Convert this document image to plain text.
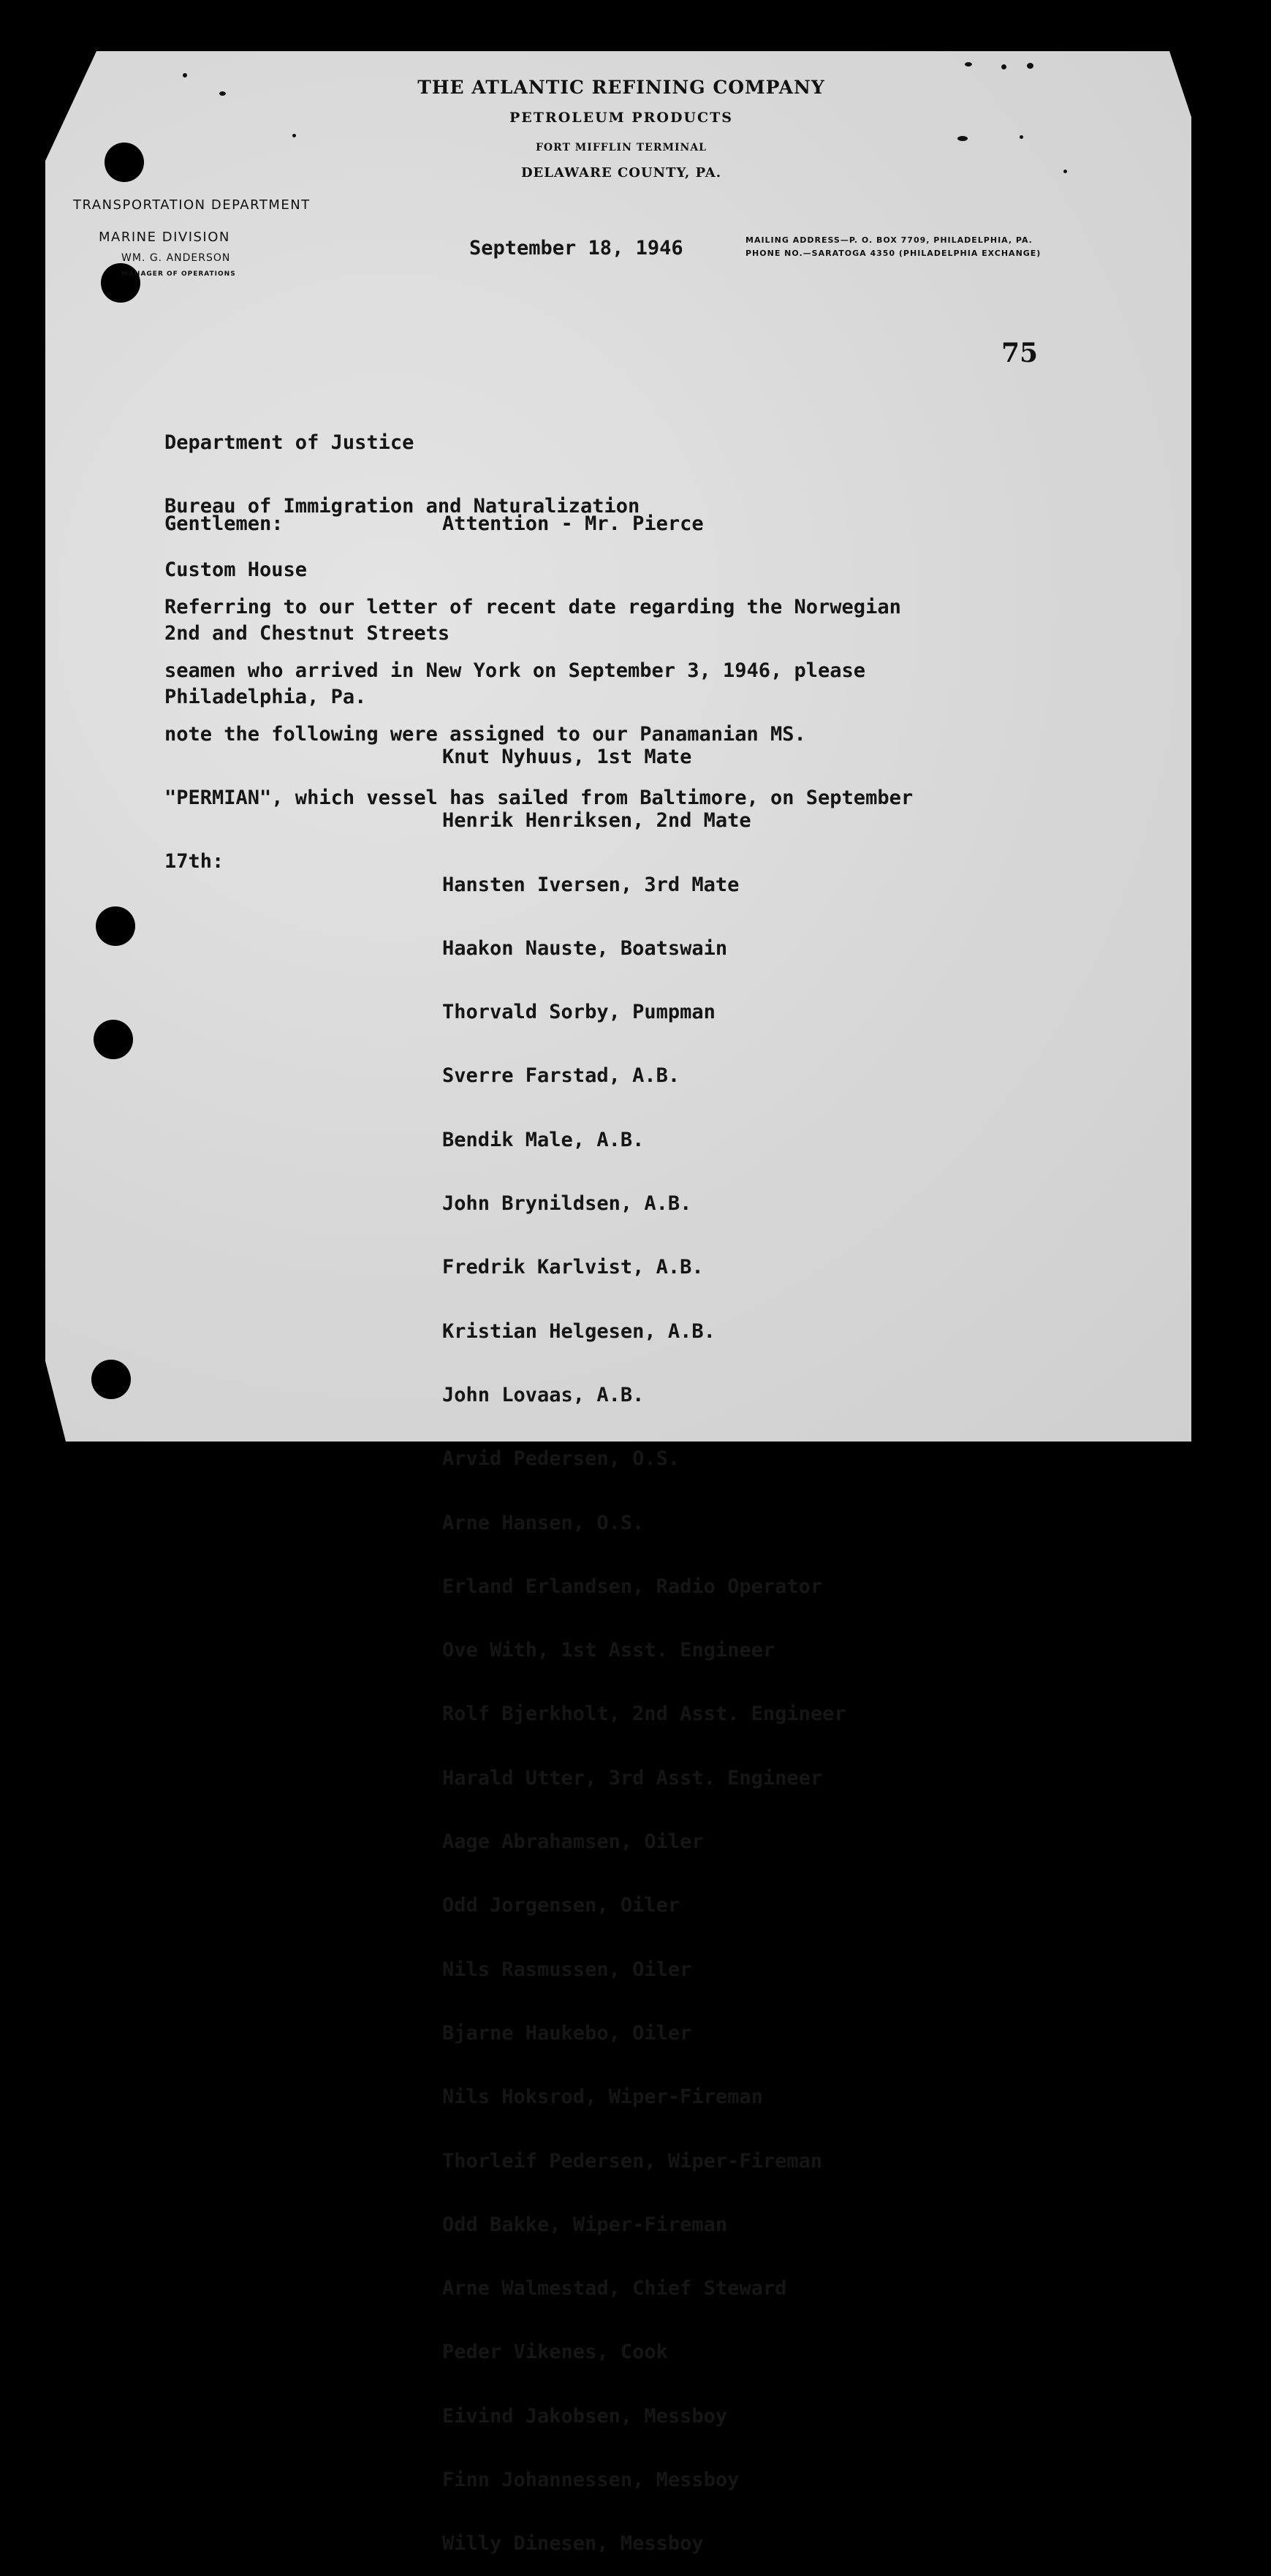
THE ATLANTIC REFINING COMPANY
PETROLEUM PRODUCTS
FORT MIFFLIN TERMINAL
DELAWARE COUNTY, PA.
TRANSPORTATION DEPARTMENT
MARINE DIVISION
WM. G. ANDERSON
MANAGER OF OPERATIONS
MAILING ADDRESS—P. O. BOX 7709, PHILADELPHIA, PA.
PHONE NO.—SARATOGA 4350 (PHILADELPHIA EXCHANGE)
September 18, 1946
75

Department of Justice

Bureau of Immigration and Naturalization

Custom House

2nd and Chestnut Streets

Philadelphia, Pa.

Gentlemen:	Attention - Mr. Pierce

Referring to our letter of recent date regarding the Norwegian

seamen who arrived in New York on September 3, 1946, please

note the following were assigned to our Panamanian MS.

"PERMIAN", which vessel has sailed from Baltimore, on September

17th:

Knut Nyhuus, 1st Mate

Henrik Henriksen, 2nd Mate

Hansten Iversen, 3rd Mate

Haakon Nauste, Boatswain

Thorvald Sorby, Pumpman

Sverre Farstad, A.B.

Bendik Male, A.B.

John Brynildsen, A.B.

Fredrik Karlvist, A.B.

Kristian Helgesen, A.B.

John Lovaas, A.B.

Arvid Pedersen, O.S.

Arne Hansen, O.S.

Erland Erlandsen, Radio Operator

Ove With, 1st Asst. Engineer

Rolf Bjerkholt, 2nd Asst. Engineer

Harald Utter, 3rd Asst. Engineer

Aage Abrahamsen, Oiler

Odd Jorgensen, Oiler

Nils Rasmussen, Oiler

Bjarne Haukebo, Oiler

Nils Hoksrod, Wiper-Fireman

Thorleif Pedersen, Wiper-Fireman

Odd Bakke, Wiper-Fireman

Arne Walmestad, Chief Steward

Peder Vikenes, Cook

Eivind Jakobsen, Messboy

Finn Johannessen, Messboy

Willy Dinesen, Messboy
